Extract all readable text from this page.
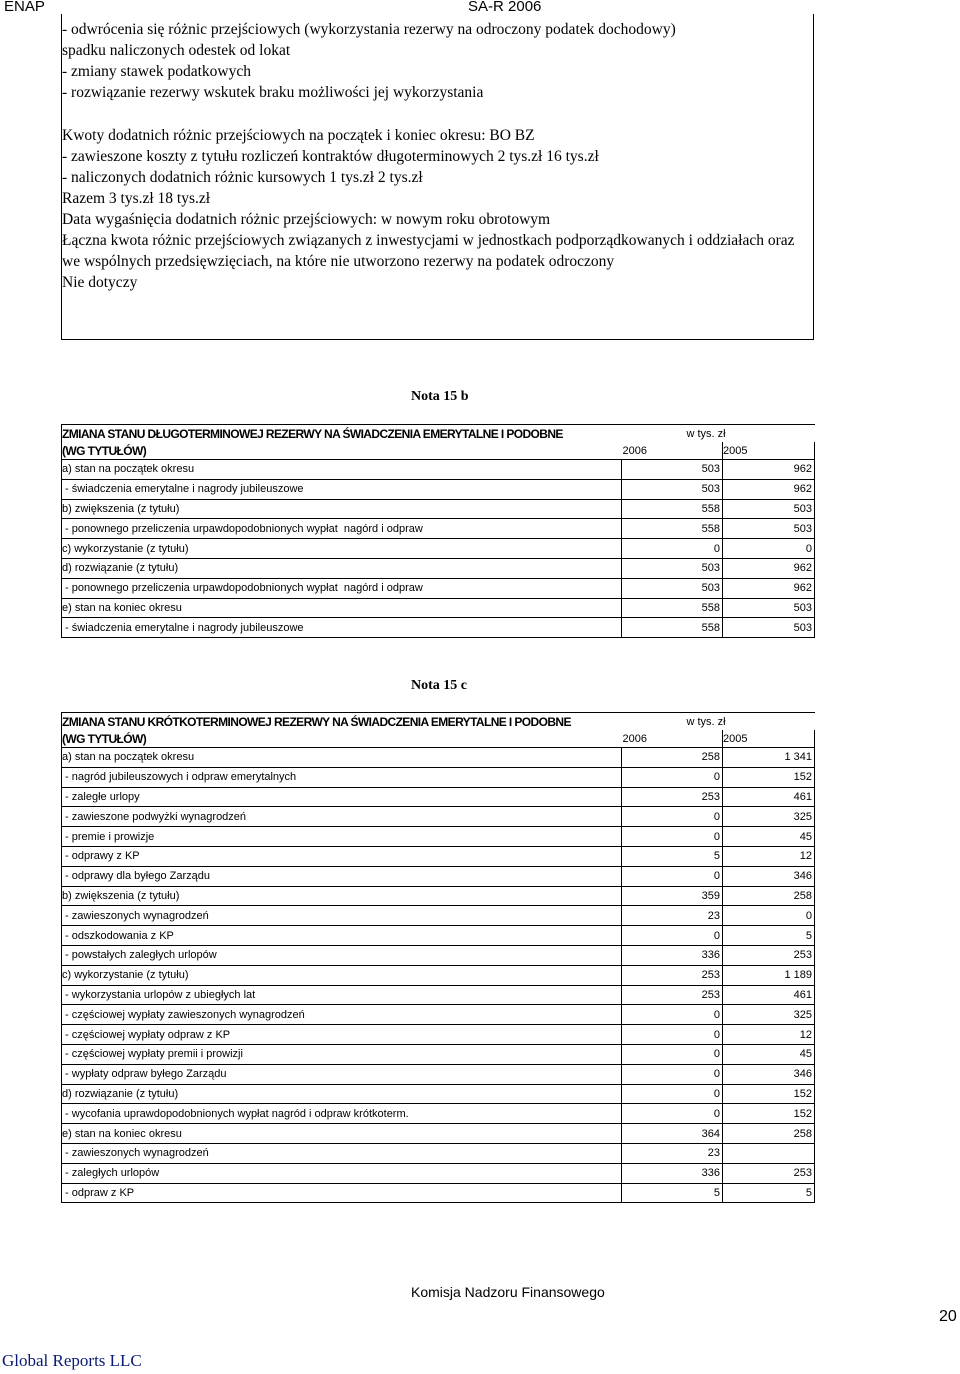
ENAP	SA-R 2006
- odwrócenia się różnic przejściowych (wykorzystania rezerwy na odroczony podatek dochodowy)
spadku naliczonych odestek od lokat
- zmiany stawek podatkowych
- rozwiązanie rezerwy wskutek braku możliwości jej wykorzystania
Kwoty dodatnich różnic przejściowych na początek i koniec okresu: BO BZ
- zawieszone koszty z tytułu rozliczeń kontraktów długoterminowych 2 tys.zł 16 tys.zł
- naliczonych dodatnich różnic kursowych 1 tys.zł 2 tys.zł
Razem 3 tys.zł 18 tys.zł
Data wygaśnięcia dodatnich różnic przejściowych: w nowym roku obrotowym
Łączna kwota różnic przejściowych związanych z inwestycjami w jednostkach podporządkowanych i oddziałach oraz
we wspólnych przedsięwzięciach, na które nie utworzono rezerwy na podatek odroczony
Nie dotyczy
Nota 15 b
ZMIANA STANU DŁUGOTERMINOWEJ REZERWY NA ŚWIADCZENIA EMERYTALNE I PODOBNE	w tys. zł	
(WG TYTUŁÓW)	2006	2005
a) stan na początek okresu	503	962
- świadczenia emerytalne i nagrody jubileuszowe	503	962
b) zwiększenia (z tytułu)	558	503
- ponownego przeliczenia urpawdopodobnionych wypłat  nagórd i odpraw	558	503
c) wykorzystanie (z tytułu)	0	0
d) rozwiązanie (z tytułu)	503	962
- ponownego przeliczenia urpawdopodobnionych wypłat  nagórd i odpraw	503	962
e) stan na koniec okresu	558	503
- świadczenia emerytalne i nagrody jubileuszowe	558	503
Nota 15 c
ZMIANA STANU KRÓTKOTERMINOWEJ REZERWY NA ŚWIADCZENIA EMERYTALNE I PODOBNE	w tys. zł	
(WG TYTUŁÓW)	2006	2005
a) stan na początek okresu	258	1 341
- nagród jubileuszowych i odpraw emerytalnych	0	152
- zaległe urlopy	253	461
- zawieszone podwyżki wynagrodzeń	0	325
- premie i prowizje	0	45
- odprawy z KP	5	12
- odprawy dla byłego Zarządu	0	346
b) zwiększenia (z tytułu)	359	258
- zawieszonych wynagrodzeń	23	0
- odszkodowania z KP	0	5
- powstałych zaległych urlopów	336	253
c) wykorzystanie (z tytułu)	253	1 189
- wykorzystania urlopów z ubiegłych lat	253	461
- częściowej wypłaty zawieszonych wynagrodzeń	0	325
- częściowej wypłaty odpraw z KP	0	12
- częściowej wypłaty premii i prowizji	0	45
- wypłaty odpraw byłego Zarządu	0	346
d) rozwiązanie (z tytułu)	0	152
- wycofania uprawdopodobnionych wypłat nagród i odpraw krótkoterm.	0	152
e) stan na koniec okresu	364	258
- zawieszonych wynagrodzeń	23	
- zaległych urlopów	336	253
- odpraw z KP	5	5
Komisja Nadzoru Finansowego
20
Global Reports LLC
